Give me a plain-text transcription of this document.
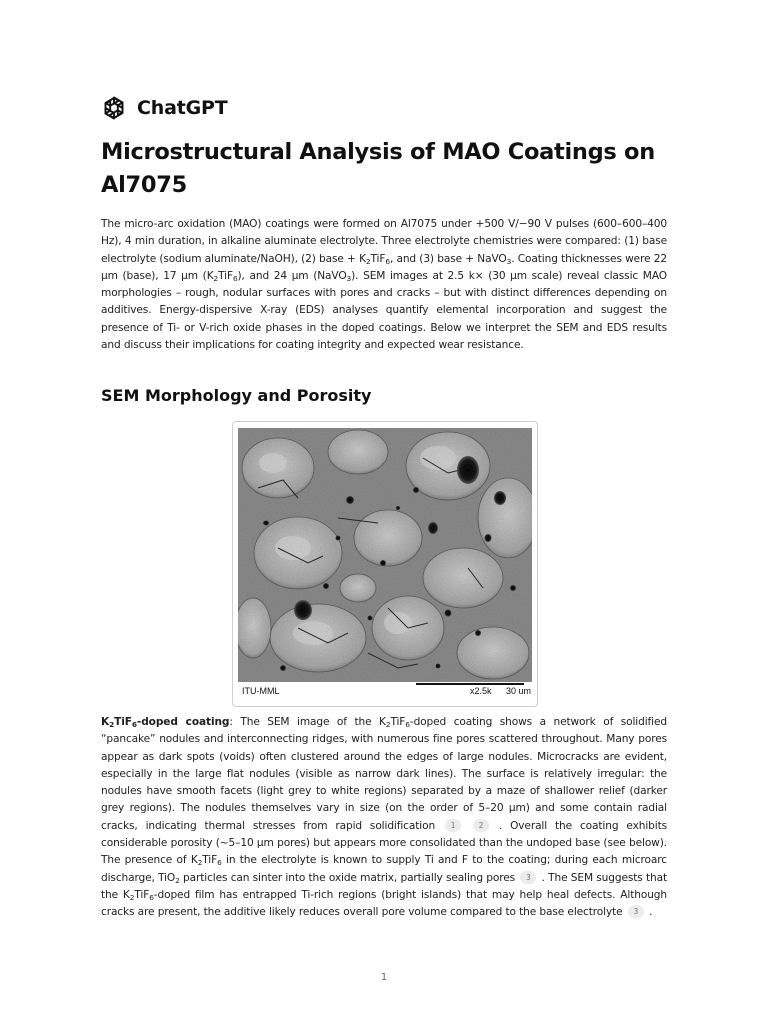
ChatGPT
Microstructural Analysis of MAO Coatings on Al7075

The micro-arc oxidation (MAO) coatings were formed on Al7075 under +500 V/−90 V pulses (600–600–400 Hz), 4 min duration, in alkaline aluminate electrolyte. Three electrolyte chemistries were compared: (1) base electrolyte (sodium aluminate/NaOH), (2) base + $K_2TiF_6$, and (3) base + NaVO$_3$. Coating thicknesses were 22 µm (base), 17 µm $(K_2TiF_6)$, and 24 µm (NaVO$_3$). SEM images at 2.5 k× (30 µm scale) reveal classic MAO morphologies – rough, nodular surfaces with pores and cracks – but with distinct differences depending on additives. Energy-dispersive X-ray (EDS) analyses quantify elemental incorporation and suggest the presence of Ti- or V-rich oxide phases in the doped coatings. Below we interpret the SEM and EDS results and discuss their implications for coating integrity and expected wear resistance.

SEM Morphology and Porosity
ITU-MML	x2.5k 30 um

$K_2TiF_6$-doped coating: The SEM image of the $K_2TiF_6$-doped coating shows a network of solidified “pancake” nodules and interconnecting ridges, with numerous fine pores scattered throughout. Many pores appear as dark spots (voids) often clustered around the edges of large nodules. Microcracks are evident, especially in the large flat nodules (visible as narrow dark lines). The surface is relatively irregular: the nodules have smooth facets (light grey to white regions) separated by a maze of shallower relief (darker grey regions). The nodules themselves vary in size (on the order of 5–20 µm) and some contain radial cracks, indicating thermal stresses from rapid solidification 1	2 . Overall the coating exhibits considerable porosity (~5–10 µm pores) but appears more consolidated than the undoped base (see below). The presence of $K_2TiF_6$ in the electrolyte is known to supply Ti and F to the coating; during each microarc discharge, TiO$_2$ particles can sinter into the oxide matrix, partially sealing pores 3 . The SEM suggests that the $K_2TiF_6$-doped film has entrapped Ti-rich regions (bright islands) that may help heal defects. Although cracks are present, the additive likely reduces overall pore volume compared to the base electrolyte 3 .

1
